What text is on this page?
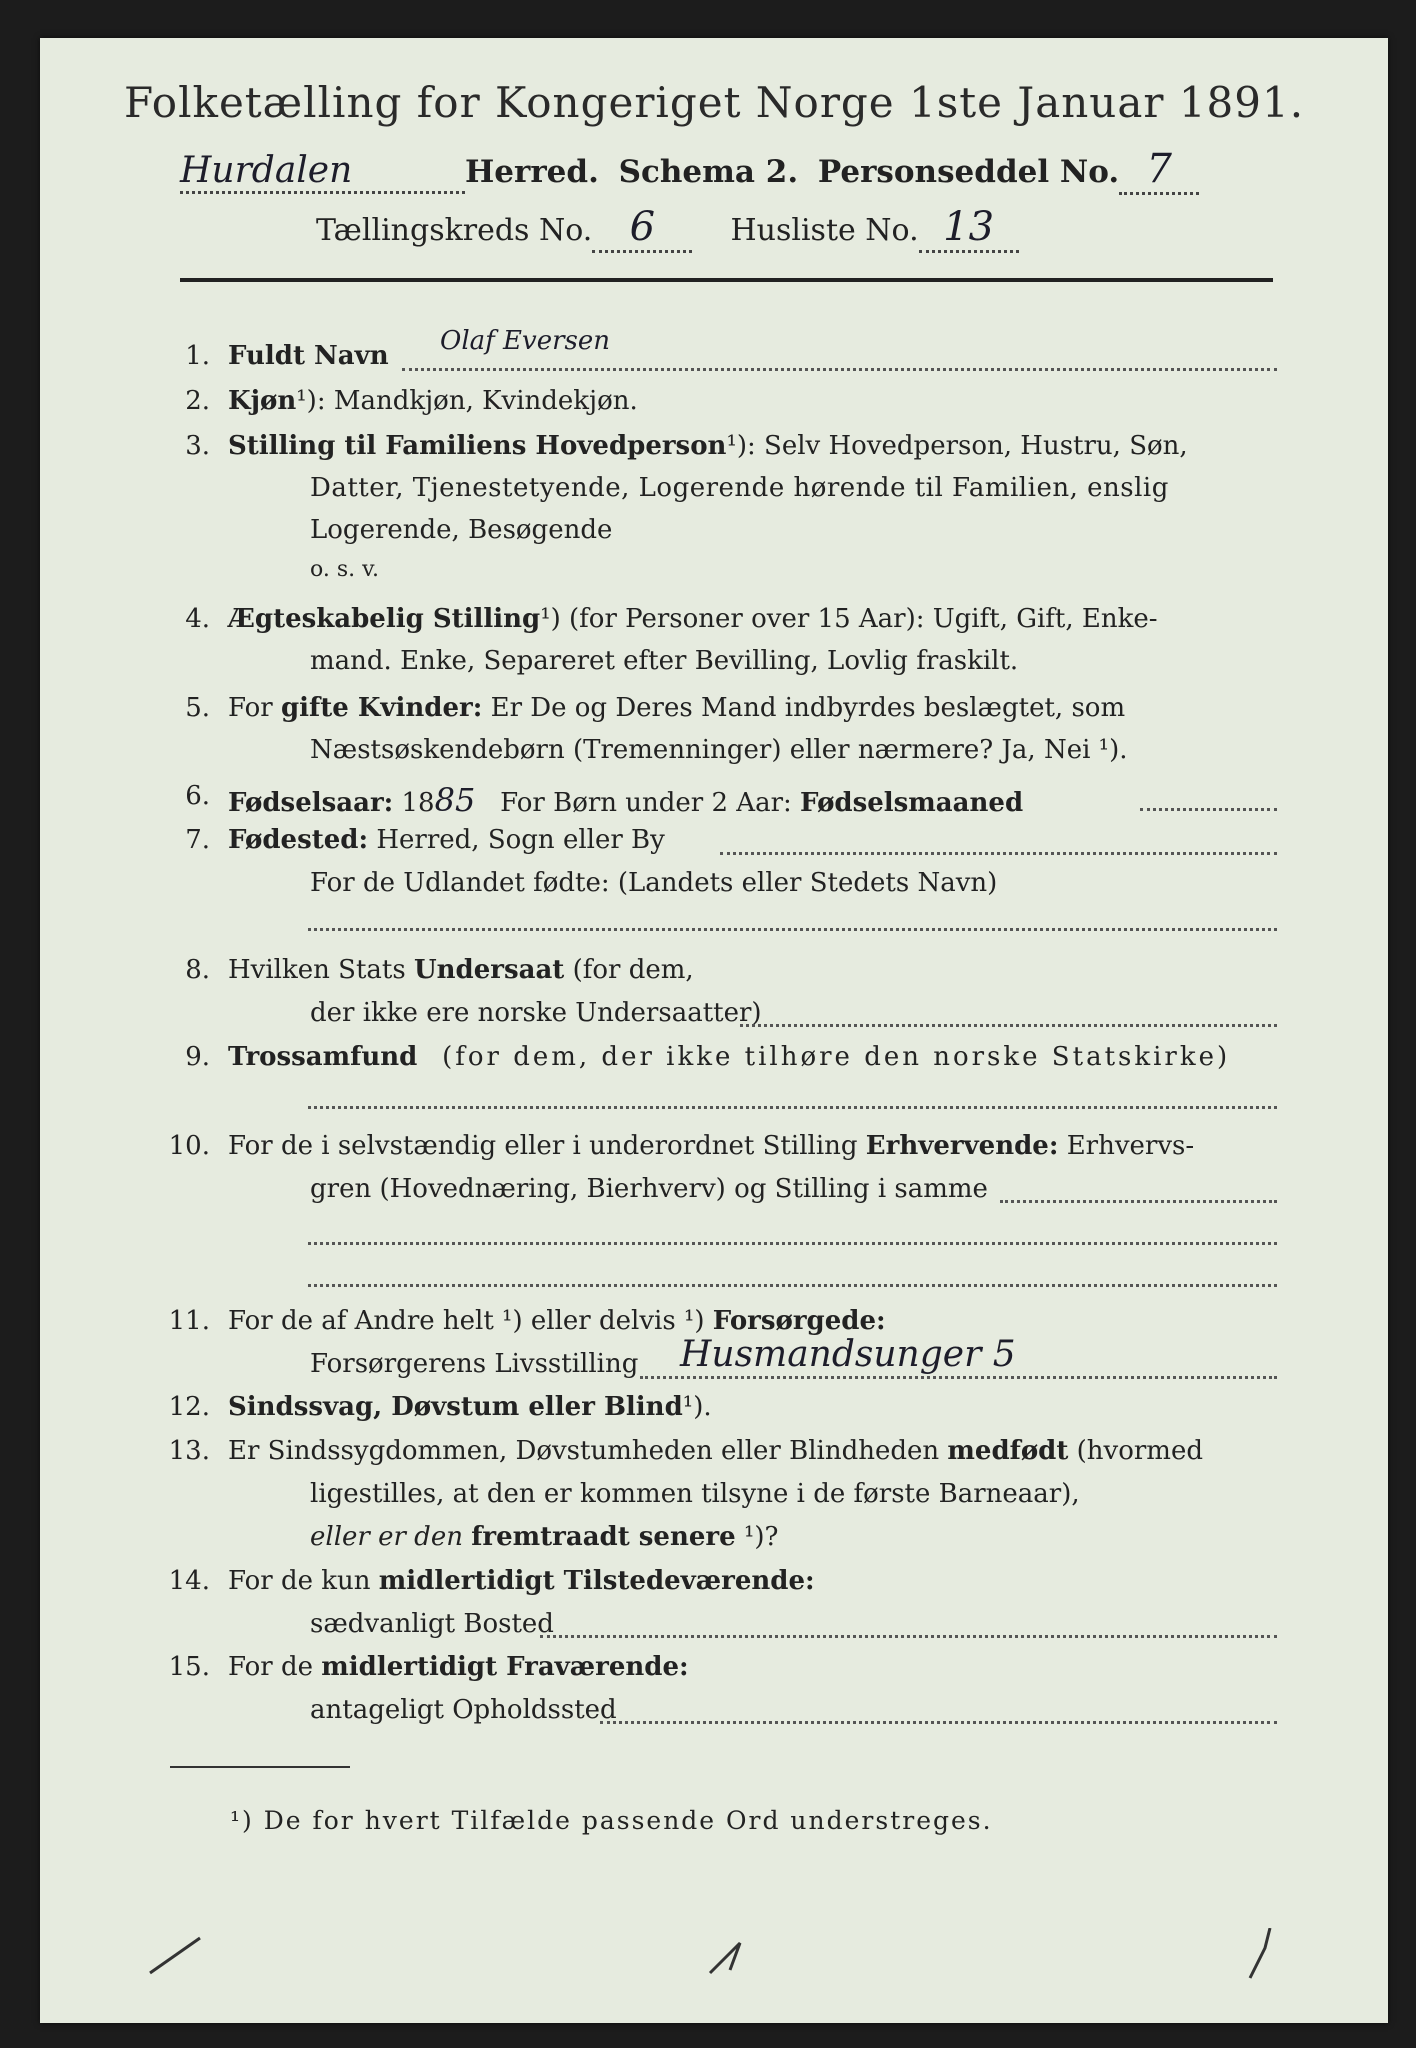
Folketælling for Kongeriget Norge 1ste Januar 1891.
Hurdalen	Herred. Schema 2. Personseddel No. 7
Tællingskreds No. 6	Husliste No. 13
1. Fuldt Navn Olaf Eversen
2. Kjøn¹): Mandkjøn, Kvindekjøn.
3. Stilling til Familiens Hovedperson¹): Selv Hovedperson, Hustru, Søn,
Datter, Tjenestetyende, Logerende hørende til Familien, enslig
Logerende, Besøgende
o. s. v.
4. Ægteskabelig Stilling¹) (for Personer over 15 Aar): Ugift, Gift, Enke-
mand. Enke, Separeret efter Bevilling, Lovlig fraskilt.
5. For gifte Kvinder: Er De og Deres Mand indbyrdes beslægtet, som
Næstsøskendebørn (Tremenninger) eller nærmere? Ja, Nei ¹).
6. Fødselsaar: 1885 For Børn under 2 Aar: Fødselsmaaned
7. Fødested: Herred, Sogn eller By
For de Udlandet fødte: (Landets eller Stedets Navn)
8. Hvilken Stats Undersaat (for dem,
der ikke ere norske Undersaatter)
9. Trossamfund (for dem, der ikke tilhøre den norske Statskirke)
10. For de i selvstændig eller i underordnet Stilling Erhvervende: Erhvervs-
gren (Hovednæring, Bierhverv) og Stilling i samme
11. For de af Andre helt ¹) eller delvis ¹) Forsørgede:
Forsørgerens Livsstilling Husmandsunger 5
12. Sindssvag, Døvstum eller Blind¹).
13. Er Sindssygdommen, Døvstumheden eller Blindheden medfødt (hvormed
ligestilles, at den er kommen tilsyne i de første Barneaar),
eller er den fremtraadt senere ¹)?
14. For de kun midlertidigt Tilstedeværende:
sædvanligt Bosted
15. For de midlertidigt Fraværende:
antageligt Opholdssted
¹) De for hvert Tilfælde passende Ord understreges.
